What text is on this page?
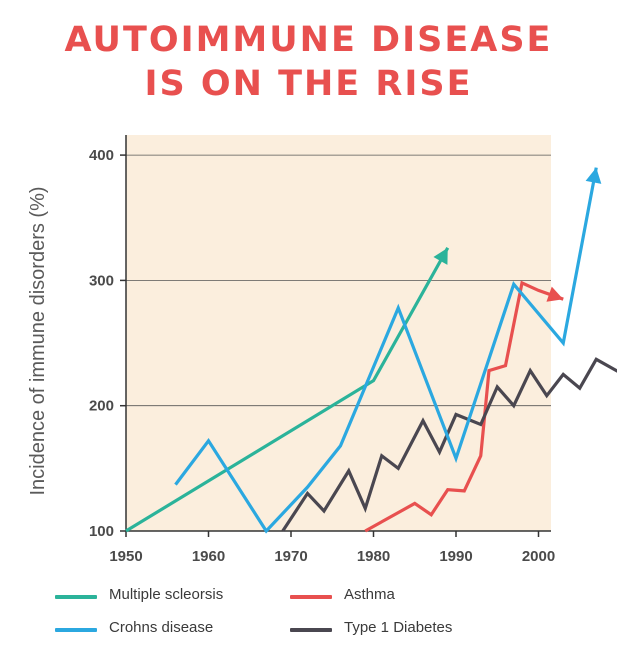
AUTOIMMUNE DISEASE
IS ON THE RISE
100
200
300
400
1950	1960	1970	1980	1990	2000
Incidence of immune disorders (%)
Multiple scleorsis
Crohns disease
Asthma
Type 1 Diabetes
